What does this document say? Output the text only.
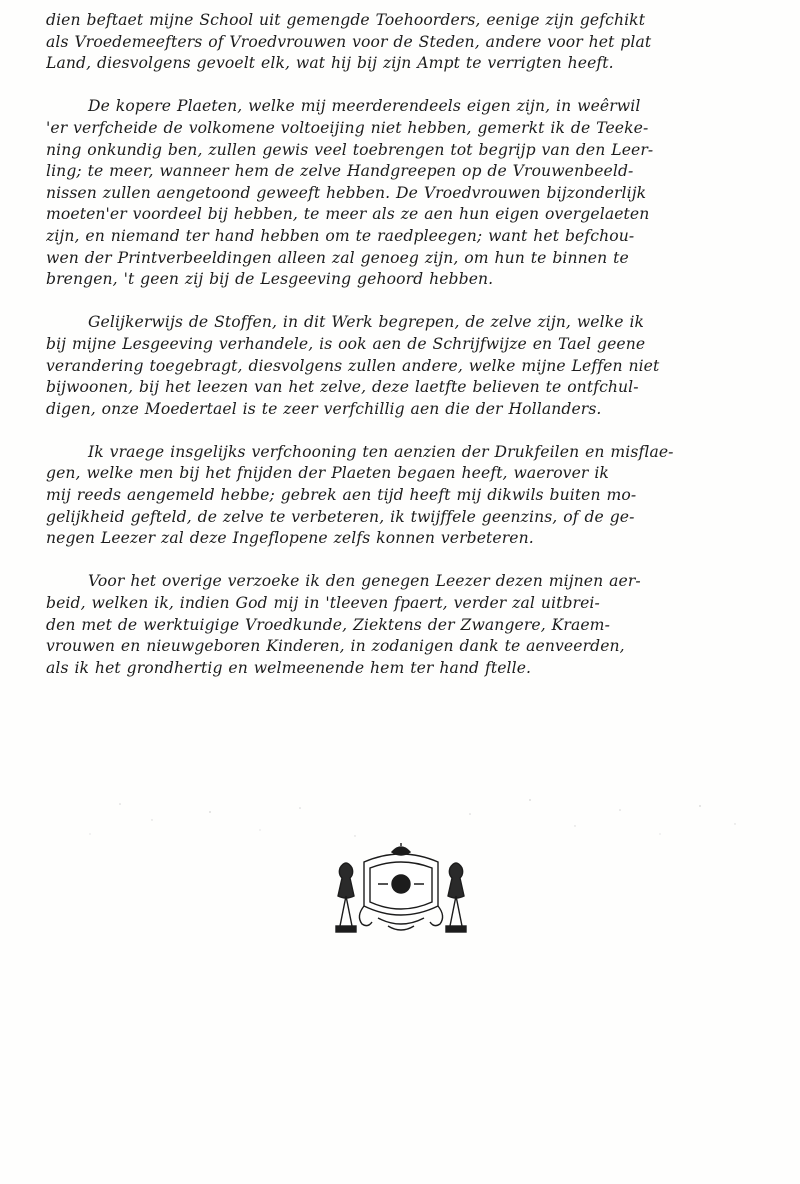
dien beftaet mijne School uit gemengde Toehoorders, eenige zijn gefchikt
als Vroedemeefters of Vroedvrouwen voor de Steden, andere voor het plat
Land, diesvolgens gevoelt elk, wat hij bij zijn Ampt te verrigten heeft.
De kopere Plaeten, welke mij meerderendeels eigen zijn, in weêrwil
'er verfcheide de volkomene voltoeijing niet hebben, gemerkt ik de Teeke-
ning onkundig ben, zullen gewis veel toebrengen tot begrijp van den Leer-
ling; te meer, wanneer hem de zelve Handgreepen op de Vrouwenbeeld-
nissen zullen aengetoond geweeft hebben. De Vroedvrouwen bijzonderlijk
moeten'er voordeel bij hebben, te meer als ze aen hun eigen overgelaeten
zijn, en niemand ter hand hebben om te raedpleegen; want het befchou-
wen der Printverbeeldingen alleen zal genoeg zijn, om hun te binnen te
brengen, 't geen zij bij de Lesgeeving gehoord hebben.
Gelijkerwijs de Stoffen, in dit Werk begrepen, de zelve zijn, welke ik
bij mijne Lesgeeving verhandele, is ook aen de Schrijfwijze en Tael geene
verandering toegebragt, diesvolgens zullen andere, welke mijne Leffen niet
bijwoonen, bij het leezen van het zelve, deze laetfte believen te ontfchul-
digen, onze Moedertael is te zeer verfchillig aen die der Hollanders.
Ik vraege insgelijks verfchooning ten aenzien der Drukfeilen en misflae-
gen, welke men bij het fnijden der Plaeten begaen heeft, waerover ik
mij reeds aengemeld hebbe; gebrek aen tijd heeft mij dikwils buiten mo-
gelijkheid gefteld, de zelve te verbeteren, ik twijffele geenzins, of de ge-
negen Leezer zal deze Ingeflopene zelfs konnen verbeteren.
Voor het overige verzoeke ik den genegen Leezer dezen mijnen aer-
beid, welken ik, indien God mij in 'tleeven fpaert, verder zal uitbrei-
den met de werktuigige Vroedkunde, Ziektens der Zwangere, Kraem-
vrouwen en nieuwgeboren Kinderen, in zodanigen dank te aenveerden,
als ik het grondhertig en welmeenende hem ter hand ftelle.
